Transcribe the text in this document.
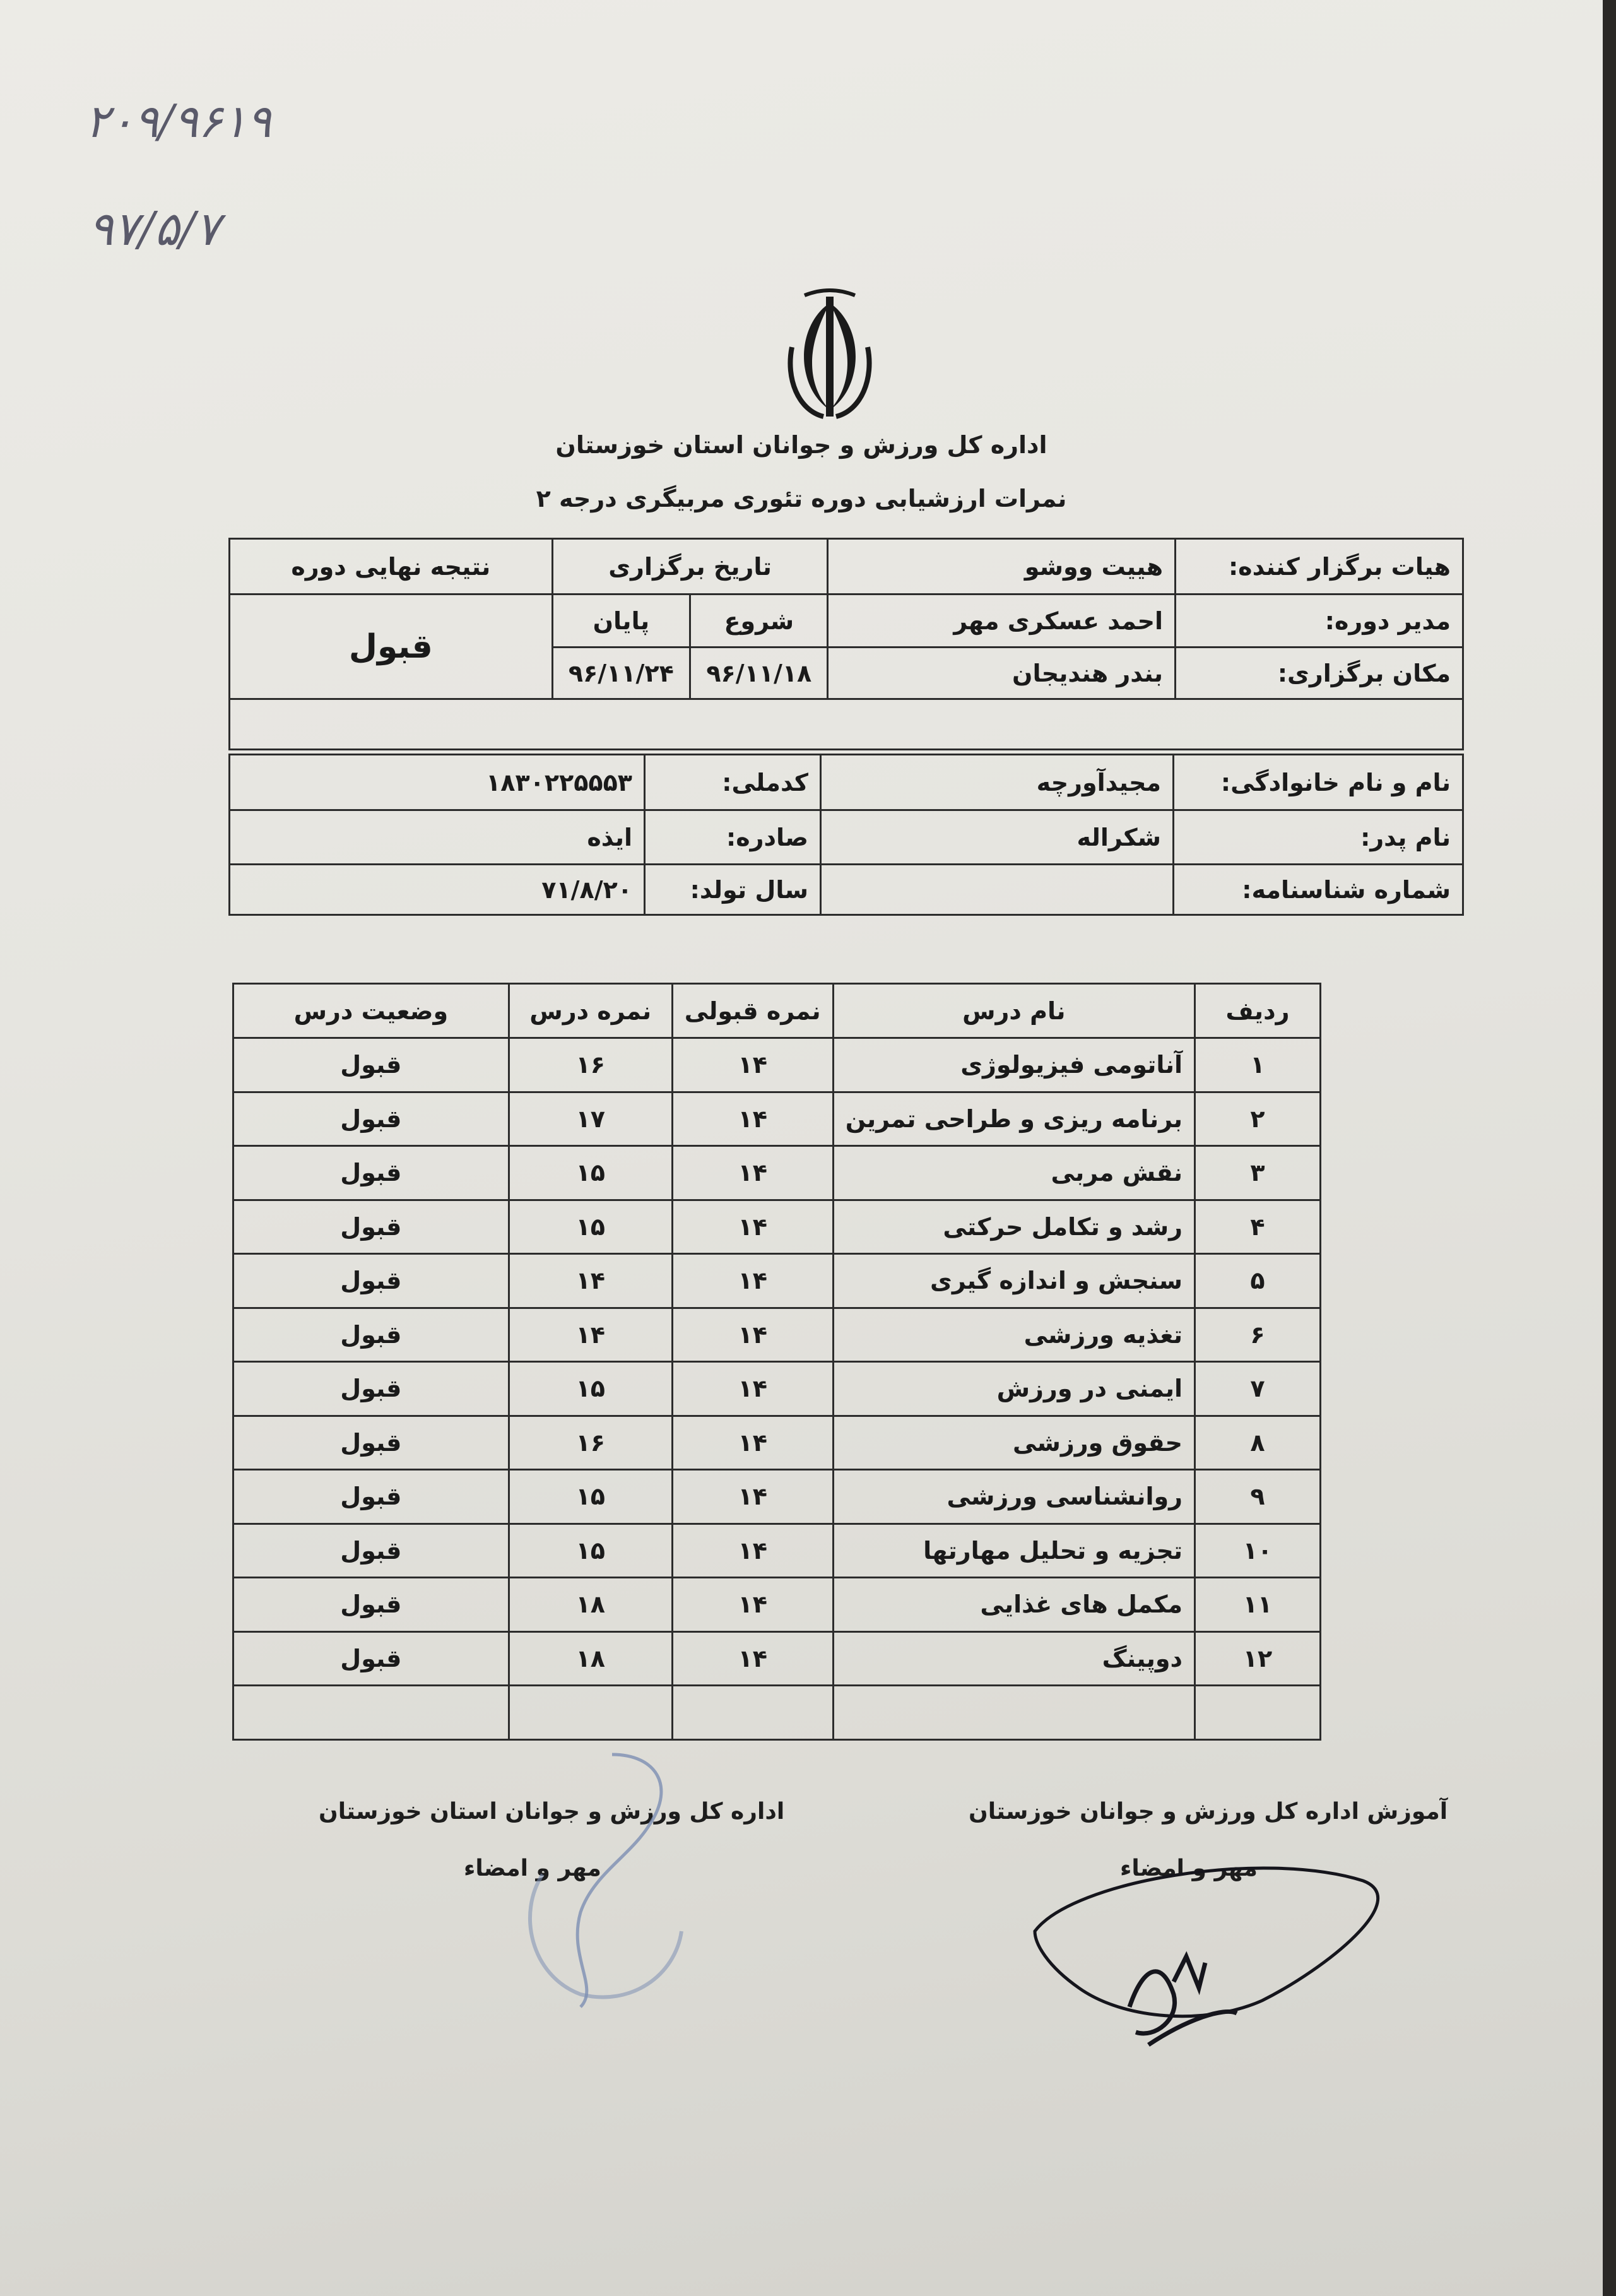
۲۰۹/۹۶۱۹
۹۷/۵/۷
اداره کل ورزش و جوانان استان خوزستان
نمرات ارزشیابی دوره تئوری مربیگری درجه ۲
هیات برگزار کننده:	هییت ووشو	تاریخ برگزاری		نتیجه نهایی دوره
مدیر دوره:	احمد عسکری مهر	شروع	پایان	قبول
مکان برگزاری:	بندر هندیجان	۹۶/۱۱/۱۸	۹۶/۱۱/۲۴	

نام و نام خانوادگی:	مجیدآورچه	کدملی:	۱۸۳۰۲۲۵۵۵۳
نام پدر:	شکراله	صادره:	ایذه
شماره شناسنامه:		سال تولد:	۷۱/۸/۲۰
ردیف	نام درس	نمره قبولی	نمره درس	وضعیت درس
۱	آناتومی فیزیولوژی	۱۴	۱۶	قبول
۲	برنامه ریزی و طراحی تمرین	۱۴	۱۷	قبول
۳	نقش مربی	۱۴	۱۵	قبول
۴	رشد و تکامل حرکتی	۱۴	۱۵	قبول
۵	سنجش و اندازه گیری	۱۴	۱۴	قبول
۶	تغذیه ورزشی	۱۴	۱۴	قبول
۷	ایمنی در ورزش	۱۴	۱۵	قبول
۸	حقوق ورزشی	۱۴	۱۶	قبول
۹	روانشناسی ورزشی	۱۴	۱۵	قبول
۱۰	تجزیه و تحلیل مهارتها	۱۴	۱۵	قبول
۱۱	مکمل های غذایی	۱۴	۱۸	قبول
۱۲	دوپینگ	۱۴	۱۸	قبول

اداره کل ورزش و جوانان استان خوزستان
مهر و امضاء
آموزش اداره کل ورزش و جوانان خوزستان
مهر و امضاء
